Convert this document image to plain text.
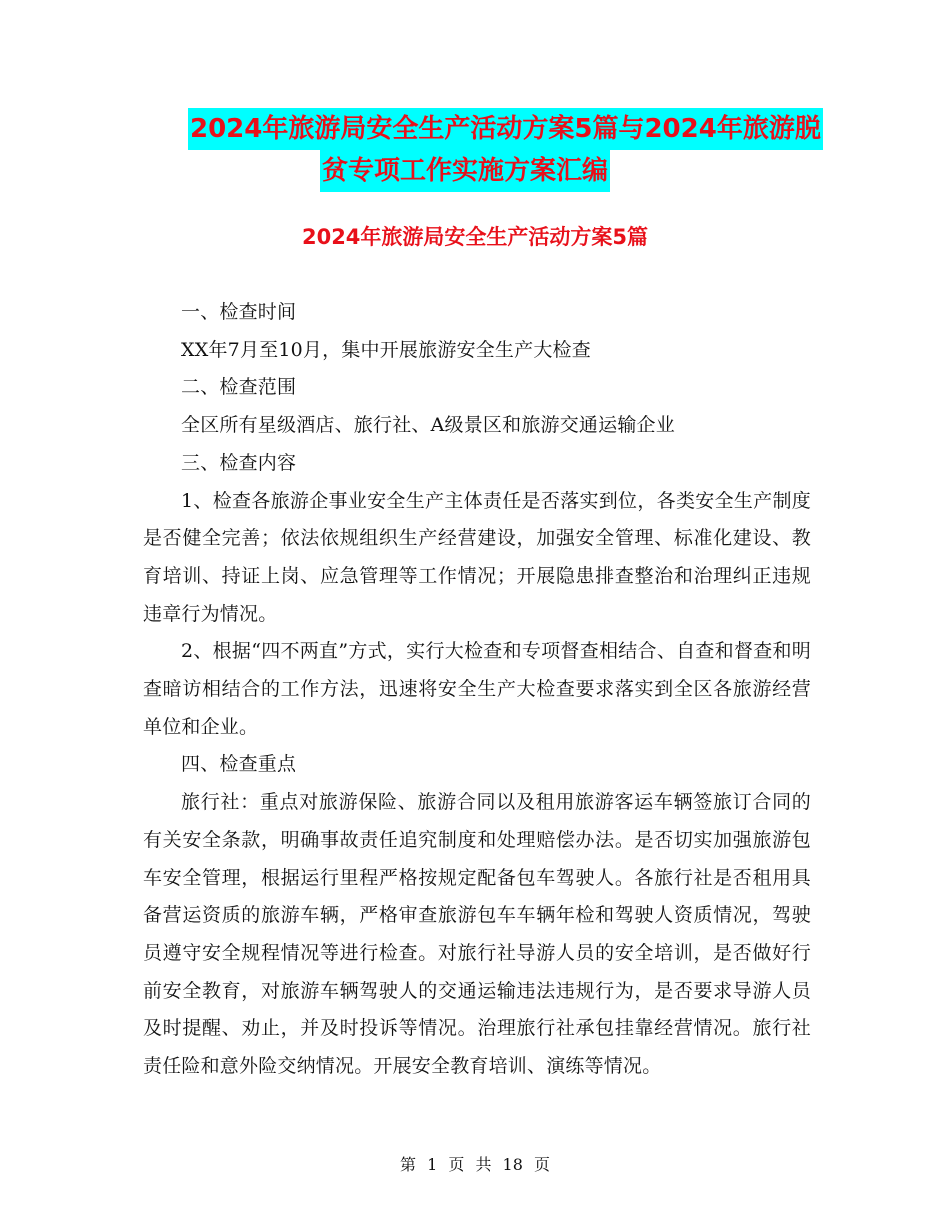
2024年旅游局安全生产活动方案5篇与2024年旅游脱
贫专项工作实施方案汇编
2024年旅游局安全生产活动方案5篇

一、检查时间

XX年7月至10月，集中开展旅游安全生产大检查

二、检查范围

全区所有星级酒店、旅行社、A级景区和旅游交通运输企业

三、检查内容

1、检查各旅游企事业安全生产主体责任是否落实到位，各类安全生产制度是否健全完善；依法依规组织生产经营建设，加强安全管理、标准化建设、教育培训、持证上岗、应急管理等工作情况；开展隐患排查整治和治理纠正违规违章行为情况。

2、根据“四不两直”方式，实行大检查和专项督查相结合、自查和督查和明查暗访相结合的工作方法，迅速将安全生产大检查要求落实到全区各旅游经营单位和企业。

四、检查重点

旅行社：重点对旅游保险、旅游合同以及租用旅游客运车辆签旅订合同的有关安全条款，明确事故责任追究制度和处理赔偿办法。是否切实加强旅游包车安全管理，根据运行里程严格按规定配备包车驾驶人。各旅行社是否租用具备营运资质的旅游车辆，严格审查旅游包车车辆年检和驾驶人资质情况，驾驶员遵守安全规程情况等进行检查。对旅行社导游人员的安全培训，是否做好行前安全教育，对旅游车辆驾驶人的交通运输违法违规行为，是否要求导游人员及时提醒、劝止，并及时投诉等情况。治理旅行社承包挂靠经营情况。旅行社责任险和意外险交纳情况。开展安全教育培训、演练等情况。

第 1 页 共 18 页
